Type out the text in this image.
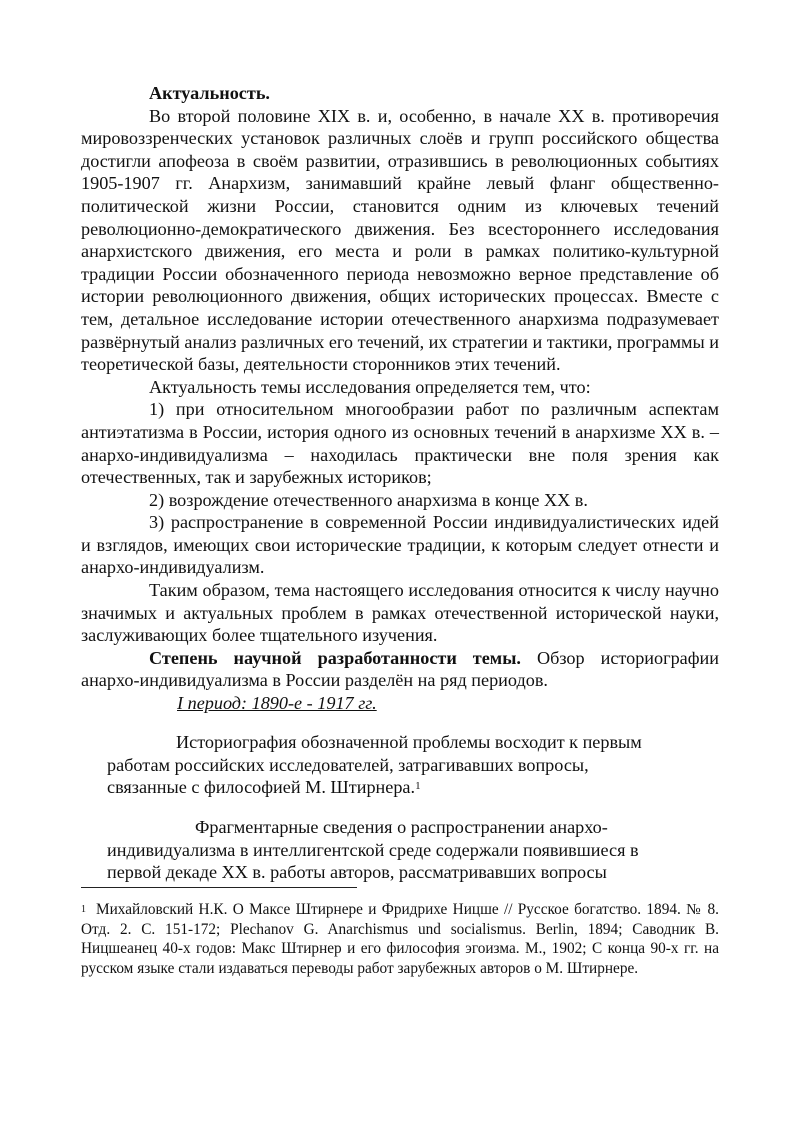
Актуальность.

Во второй половине XIX в. и, особенно, в начале XX в. противоречия мировоззренческих установок различных слоёв и групп российского общества достигли апофеоза в своём развитии, отразившись в революционных событиях 1905-1907 гг. Анархизм, занимавший крайне левый фланг общественно-политической жизни России, становится одним из ключевых течений революционно-демократического движения. Без всестороннего исследования анархистского движения, его места и роли в рамках политико-культурной традиции России обозначенного периода невозможно верное представление об истории революционного движения, общих исторических процессах. Вместе с тем, детальное исследование истории отечественного анархизма подразумевает развёрнутый анализ различных его течений, их стратегии и тактики, программы и теоретической базы, деятельности сторонников этих течений.

Актуальность темы исследования определяется тем, что:

1) при относительном многообразии работ по различным аспектам антиэтатизма в России, история одного из основных течений в анархизме XX в. – анархо-индивидуализма – находилась практически вне поля зрения как отечественных, так и зарубежных историков;

2) возрождение отечественного анархизма в конце XX в.

3) распространение в современной России индивидуалистических идей и взглядов, имеющих свои исторические традиции, к которым следует отнести и анархо-индивидуализм.

Таким образом, тема настоящего исследования относится к числу научно значимых и актуальных проблем в рамках отечественной исторической науки, заслуживающих более тщательного изучения.

Степень научной разработанности темы. Обзор историографии анархо-индивидуализма в России разделён на ряд периодов.

I период: 1890-е - 1917 гг.

Историография обозначенной проблемы восходит к первым работам российских исследователей, затрагивавших вопросы, связанные с философией М. Штирнера.$^1$

Фрагментарные сведения о распространении анархо-индивидуализма в интеллигентской среде содержали появившиеся в первой декаде XX в. работы авторов, рассматривавших вопросы

$^1$ Михайловский Н.К. О Максе Штирнере и Фридрихе Ницше // Русское богатство. 1894. № 8. Отд. 2. С. 151-172; Plechanov G. Anarchismus und socialismus. Berlin, 1894; Саводник В. Ницшеанец 40-х годов: Макс Штирнер и его философия эгоизма. М., 1902; С конца 90-х гг. на русском языке стали издаваться переводы работ зарубежных авторов о М. Штирнере.
